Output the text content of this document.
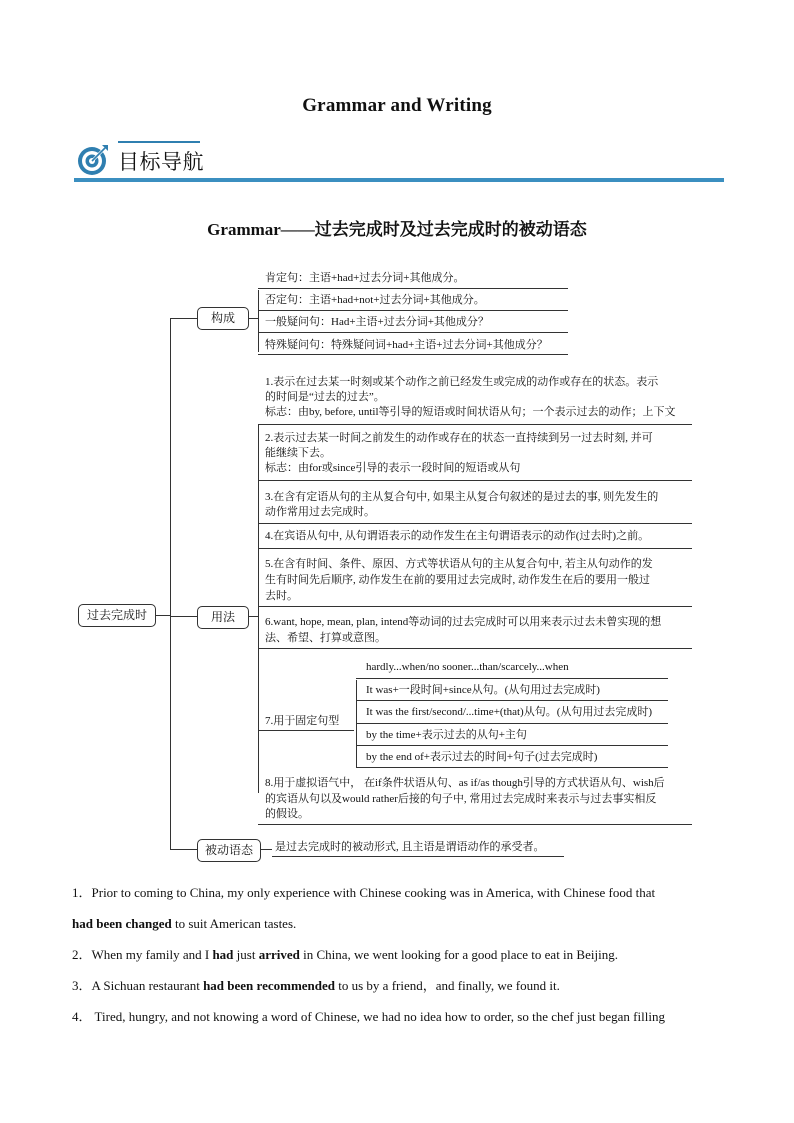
Grammar and Writing
目标导航
Grammar——过去完成时及过去完成时的被动语态
过去完成时
构成
肯定句：主语+had+过去分词+其他成分。
否定句：主语+had+not+过去分词+其他成分。
一般疑问句：Had+主语+过去分词+其他成分？
特殊疑问句：特殊疑问词+had+主语+过去分词+其他成分？
用法
1.表示在过去某一时刻或某个动作之前已经发生或完成的动作或存在的状态。表示
的时间是“过去的过去”。
标志：由by, before, until等引导的短语或时间状语从句；一个表示过去的动作；上下文
2.表示过去某一时间之前发生的动作或存在的状态一直持续到另一过去时刻, 并可
能继续下去。
标志：由for或since引导的表示一段时间的短语或从句
3.在含有定语从句的主从复合句中, 如果主从复合句叙述的是过去的事, 则先发生的
动作常用过去完成时。
4.在宾语从句中, 从句谓语表示的动作发生在主句谓语表示的动作(过去时)之前。
5.在含有时间、条件、原因、方式等状语从句的主从复合句中, 若主从句动作的发
生有时间先后顺序, 动作发生在前的要用过去完成时, 动作发生在后的要用一般过
去时。
6.want, hope, mean, plan, intend等动词的过去完成时可以用来表示过去未曾实现的想
法、希望、打算或意图。
7.用于固定句型
hardly...when/no sooner...than/scarcely...when
It was+一段时间+since从句。(从句用过去完成时)
It was the first/second/...time+(that)从句。(从句用过去完成时)
by the time+表示过去的从句+主句
by the end of+表示过去的时间+句子(过去完成时)
8.用于虚拟语气中， 在if条件状语从句、as if/as though引导的方式状语从句、wish后
的宾语从句以及would rather后接的句子中, 常用过去完成时来表示与过去事实相反
的假设。
被动语态	是过去完成时的被动形式, 且主语是谓语动作的承受者。
1．Prior to coming to China, my only experience with Chinese cooking was in America, with Chinese food that
had been changed to suit American tastes.
2．When my family and I had just arrived in China, we went looking for a good place to eat in Beijing.
3．A Sichuan restaurant had been recommended to us by a friend，and finally, we found it.
4． Tired, hungry, and not knowing a word of Chinese, we had no idea how to order, so the chef just began filling
